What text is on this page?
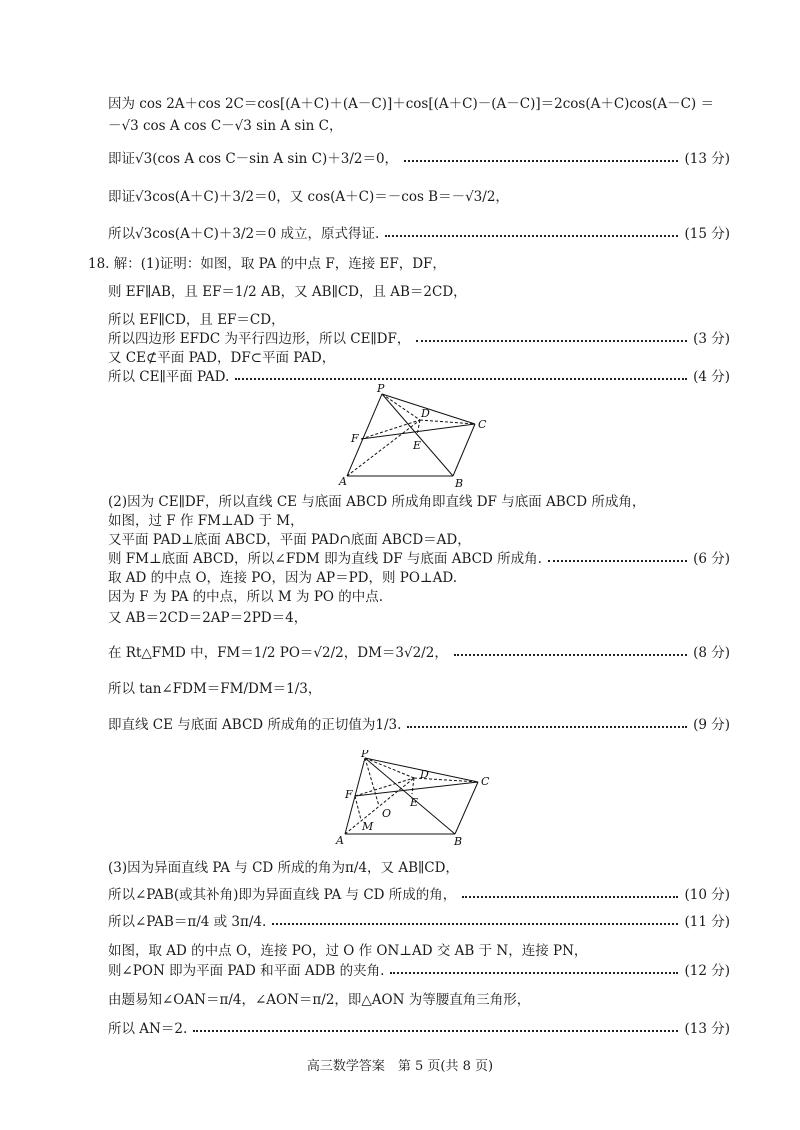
因为 cos 2A＋cos 2C＝cos[(A＋C)＋(A－C)]＋cos[(A＋C)－(A－C)]＝2cos(A＋C)cos(A－C) ＝
－√3 cos A cos C－√3 sin A sin C，
即证√3(cos A cos C－sin A sin C)＋3/2＝0，	(13 分)
即证√3cos(A＋C)＋3/2＝0，又 cos(A＋C)＝－cos B＝－√3/2，
所以√3cos(A＋C)＋3/2＝0 成立，原式得证.	(15 分)
18. 解：(1)证明：如图，取 PA 的中点 F，连接 EF，DF，
则 EF∥AB，且 EF＝1/2 AB，又 AB∥CD，且 AB＝2CD，
所以 EF∥CD，且 EF＝CD，
所以四边形 EFDC 为平行四边形，所以 CE∥DF，	(3 分)
又 CE⊄平面 PAD，DF⊂平面 PAD，
所以 CE∥平面 PAD.	(4 分)
P
D
C
F
E
A	B
(2)因为 CE∥DF，所以直线 CE 与底面 ABCD 所成角即直线 DF 与底面 ABCD 所成角，
如图，过 F 作 FM⊥AD 于 M，
又平面 PAD⊥底面 ABCD，平面 PAD∩底面 ABCD＝AD，
则 FM⊥底面 ABCD，所以∠FDM 即为直线 DF 与底面 ABCD 所成角.	(6 分)
取 AD 的中点 O，连接 PO，因为 AP＝PD，则 PO⊥AD.
因为 F 为 PA 的中点，所以 M 为 PO 的中点.
又 AB＝2CD＝2AP＝2PD＝4，
在 Rt△FMD 中，FM＝1/2 PO＝√2/2，DM＝3√2/2，	(8 分)
所以 tan∠FDM＝FM/DM＝1/3，
即直线 CE 与底面 ABCD 所成角的正切值为1/3.	(9 分)
P
D
C
F
E
O
M
A	B
(3)因为异面直线 PA 与 CD 所成的角为π/4，又 AB∥CD，
所以∠PAB(或其补角)即为异面直线 PA 与 CD 所成的角，	(10 分)
所以∠PAB＝π/4 或 3π/4.	(11 分)
如图，取 AD 的中点 O，连接 PO，过 O 作 ON⊥AD 交 AB 于 N，连接 PN，
则∠PON 即为平面 PAD 和平面 ADB 的夹角.	(12 分)
由题易知∠OAN＝π/4，∠AON＝π/2，即△AON 为等腰直角三角形，
所以 AN＝2.	(13 分)
高三数学答案　第 5 页(共 8 页)
